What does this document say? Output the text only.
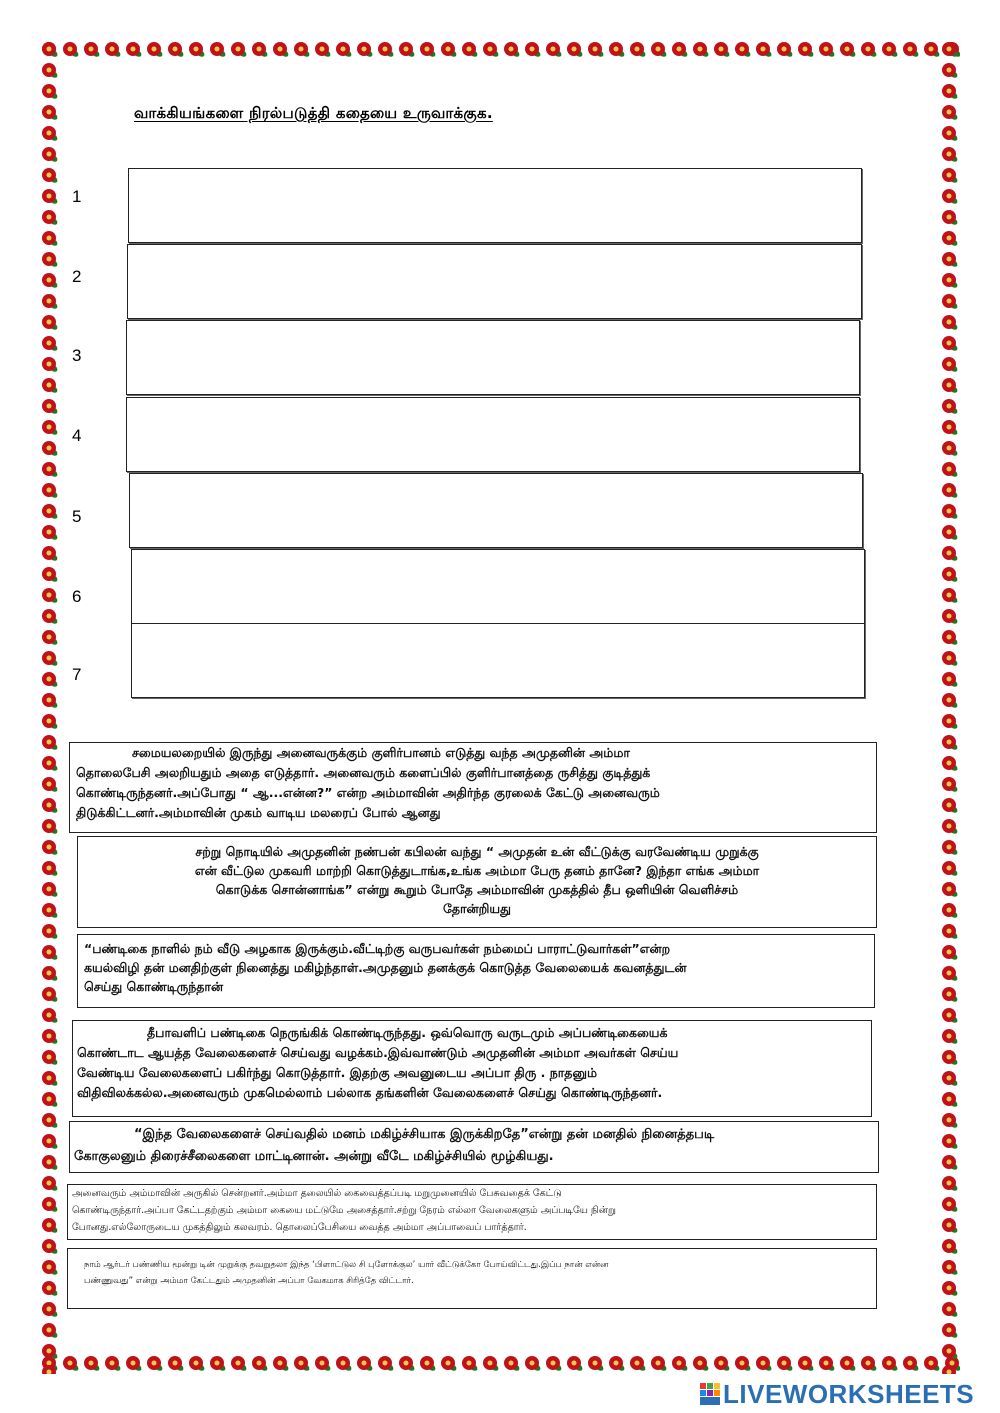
வாக்கியங்களை நிரல்படுத்தி கதையை உருவாக்குக.
1
2
3
4
5
6
7
சமையலறையில் இருந்து அனைவருக்கும் குளிர்பானம் எடுத்து வந்த அமுதனின் அம்மா
தொலைபேசி அலறியதும் அதை எடுத்தார். அனைவரும் களைப்பில் குளிர்பானத்தை ருசித்து குடித்துக்
கொண்டிருந்தனர்.அப்போது “ ஆ...என்ன?” என்ற அம்மாவின் அதிர்ந்த குரலைக் கேட்டு அனைவரும்
திடுக்கிட்டனர்.அம்மாவின் முகம் வாடிய மலரைப் போல் ஆனது
சற்று நொடியில் அமுதனின் நண்பன் கபிலன் வந்து “ அமுதன் உன் வீட்டுக்கு வரவேண்டிய முறுக்கு
என் வீட்டுல முகவரி மாற்றி கொடுத்துடாங்க,உங்க அம்மா பேரு தனம் தானே? இந்தா எங்க அம்மா
கொடுக்க சொன்னாங்க” என்று கூறும் போதே அம்மாவின் முகத்தில் தீப ஒளியின் வெளிச்சம்
தோன்றியது
“பண்டிகை நாளில் நம் வீடு அழகாக இருக்கும்.வீட்டிற்கு வருபவர்கள் நம்மைப் பாராட்டுவார்கள்”என்ற
கயல்விழி தன் மனதிற்குள் நினைத்து மகிழ்ந்தாள்.அமுதனும் தனக்குக் கொடுத்த வேலையைக் கவனத்துடன்
செய்து கொண்டிருந்தான்
தீபாவளிப் பண்டிகை நெருங்கிக் கொண்டிருந்தது. ஒவ்வொரு வருடமும் அப்பண்டிகையைக்
கொண்டாட ஆயத்த வேலைகளைச் செய்வது வழக்கம்.இவ்வாண்டும் அமுதனின் அம்மா அவர்கள் செய்ய
வேண்டிய வேலைகளைப் பகிர்ந்து கொடுத்தார். இதற்கு அவனுடைய அப்பா திரு . நாதனும்
விதிவிலக்கல்ல.அனைவரும் முகமெல்லாம் பல்லாக தங்களின் வேலைகளைச் செய்து கொண்டிருந்தனர்.
“இந்த வேலைகளைச் செய்வதில் மனம் மகிழ்ச்சியாக இருக்கிறதே”என்று தன் மனதில் நினைத்தபடி
கோகுலனும் திரைச்சீலைகளை மாட்டினான். அன்று வீடே மகிழ்ச்சியில் மூழ்கியது.
அனைவரும் அம்மாவின் அருகில் சென்றனர்.அம்மா தலையில் கைவைத்தப்படி மறுமுனையில் பேசுவதைக் கேட்டு
கொண்டிருந்தார்.அப்பா கேட்டதற்கும் அம்மா கையை மட்டுமே அசைத்தார்.சற்று நேரம் எல்லா வேலைகளும் அப்படியே நின்று
போனது.எல்லோருடைய முகத்திலும் கலவரம். தொலைப்பேசியை வைத்த அம்மா அப்பாவைப் பார்த்தார்.
நாம் ஆர்டர் பண்ணிய மூன்று டின் முறுக்கு தவறுதலா இந்த ‘பிளாட்டுல சி புளோக்குல’ யார் வீட்டுக்கோ போய்விட்டது.இப்ப நான் என்ன
பண்ணுவது” என்று அம்மா கேட்டதும் அமுதனின் அப்பா வேகமாக சிரித்தே விட்டார்.
LIVEWORKSHEETS
